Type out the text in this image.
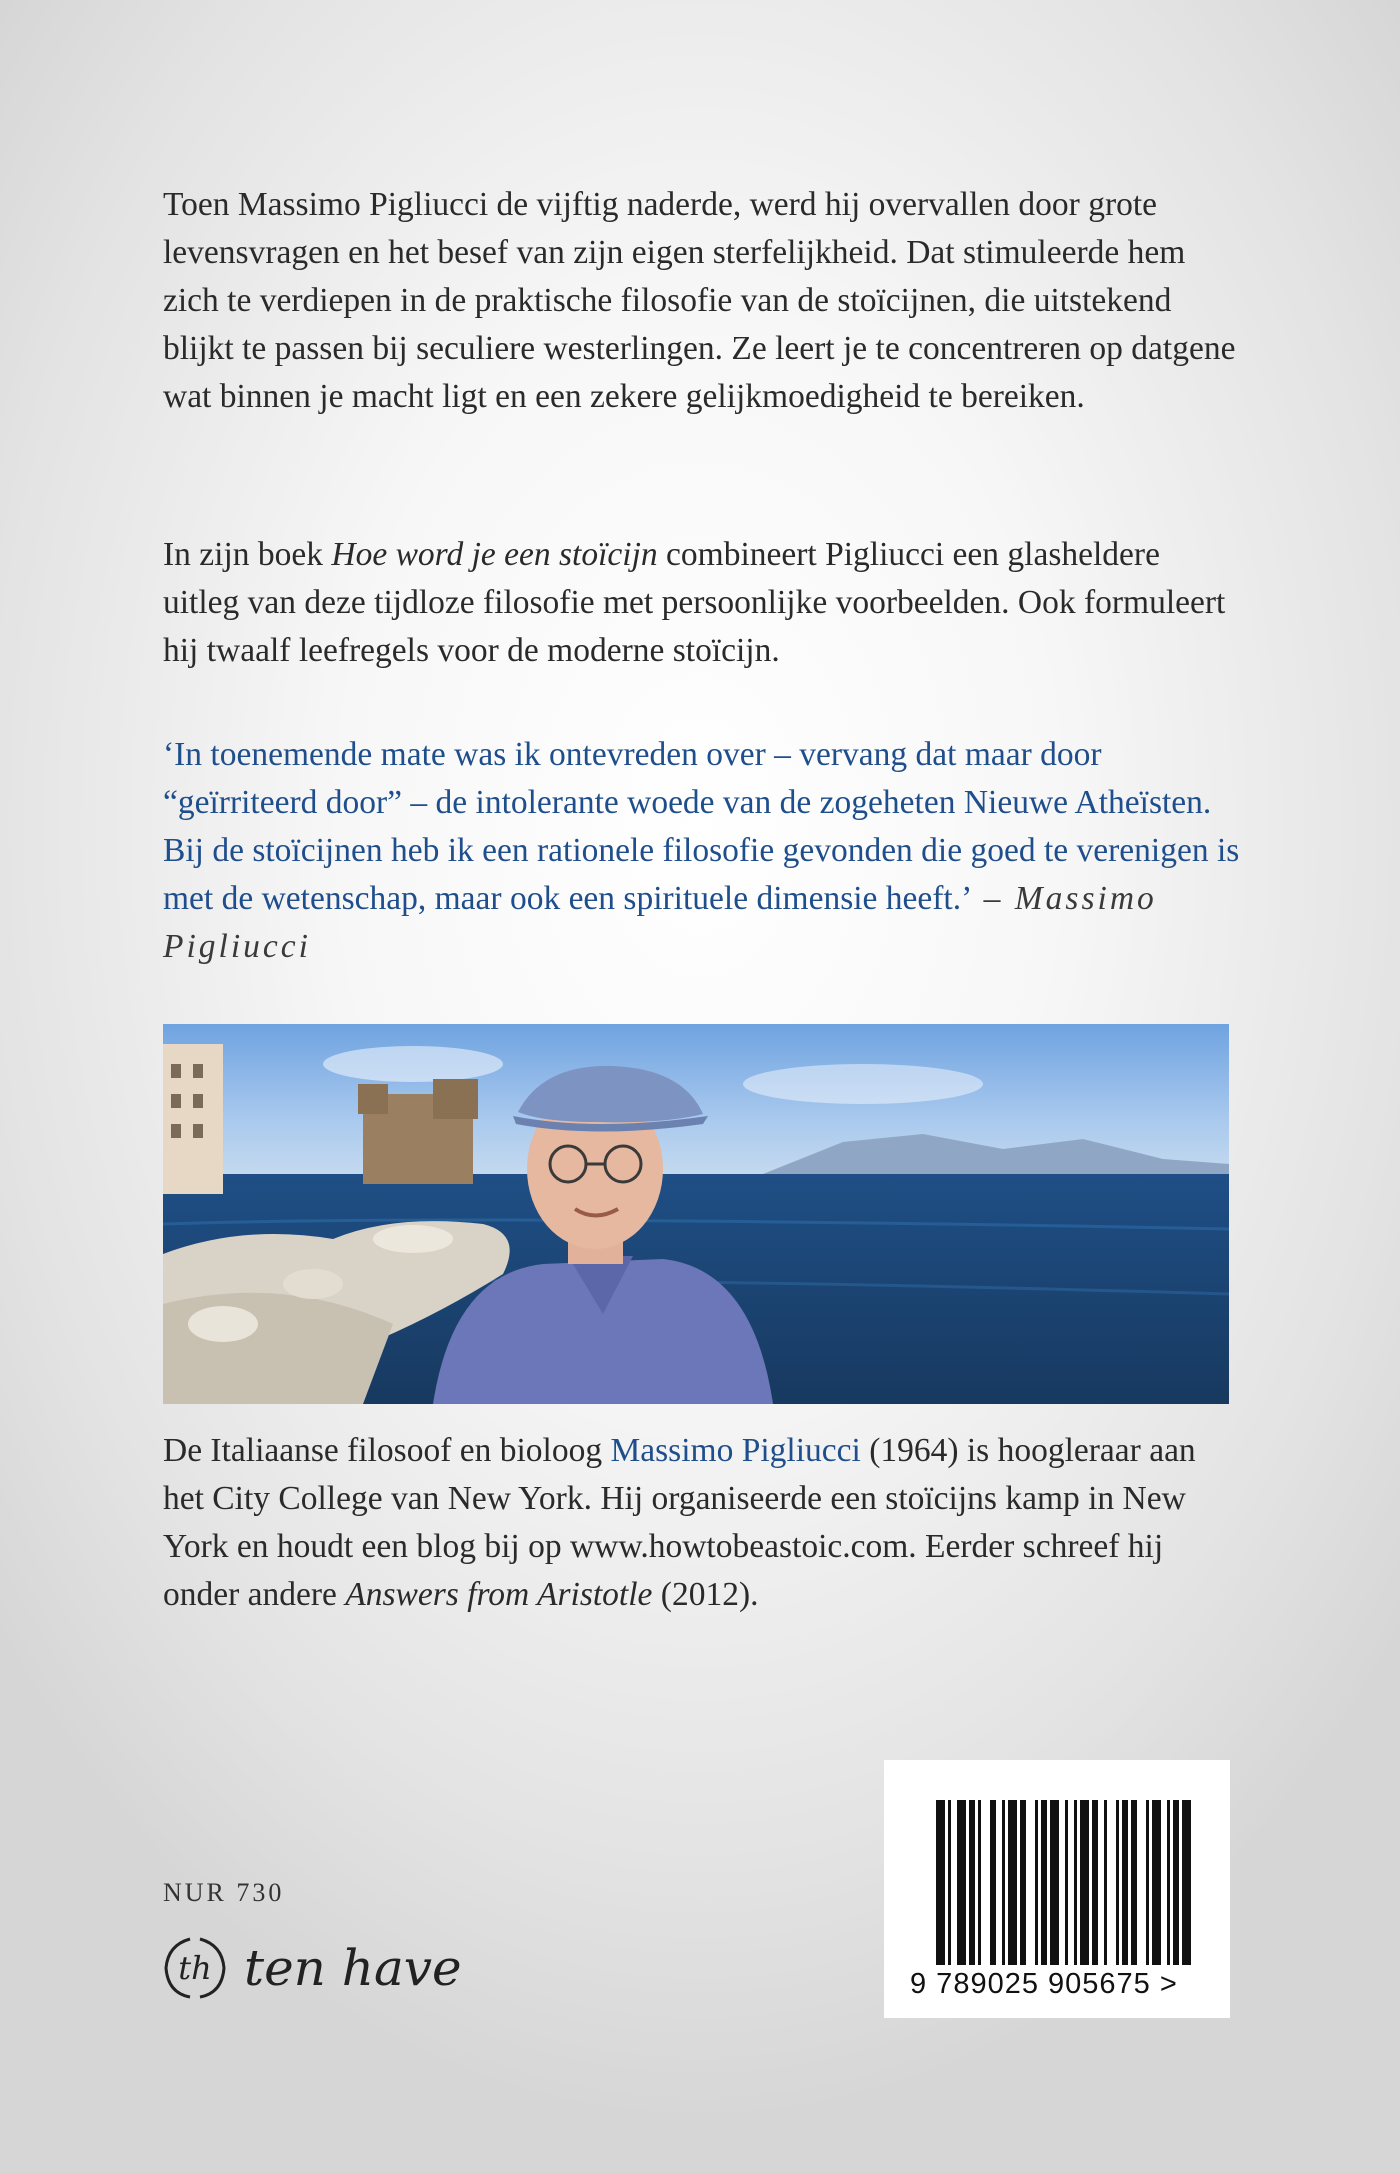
Toen Massimo Pigliucci de vijftig naderde, werd hij overvallen door grote levensvragen en het besef van zijn eigen sterfelijkheid. Dat stimuleerde hem zich te verdiepen in de praktische filosofie van de stoïcijnen, die uitstekend blijkt te passen bij seculiere westerlingen. Ze leert je te concentreren op datgene wat binnen je macht ligt en een zekere gelijkmoedigheid te bereiken.

In zijn boek Hoe word je een stoïcijn combineert Pigliucci een glasheldere uitleg van deze tijdloze filosofie met persoonlijke voorbeelden. Ook formuleert hij twaalf leefregels voor de moderne stoïcijn.

‘In toenemende mate was ik ontevreden over – vervang dat maar door “geïrriteerd door” – de intolerante woede van de zogeheten Nieuwe Atheïsten. Bij de stoïcijnen heb ik een rationele filosofie gevonden die goed te verenigen is met de wetenschap, maar ook een spirituele dimensie heeft.’ – Massimo Pigliucci

De Italiaanse filosoof en bioloog Massimo Pigliucci (1964) is hoogleraar aan het City College van New York. Hij organiseerde een stoïcijns kamp in New York en houdt een blog bij op www.howtobeastoic.com. Eerder schreef hij onder andere Answers from Aristotle (2012).

NUR 730
th ten have	9 789025 905675 >
